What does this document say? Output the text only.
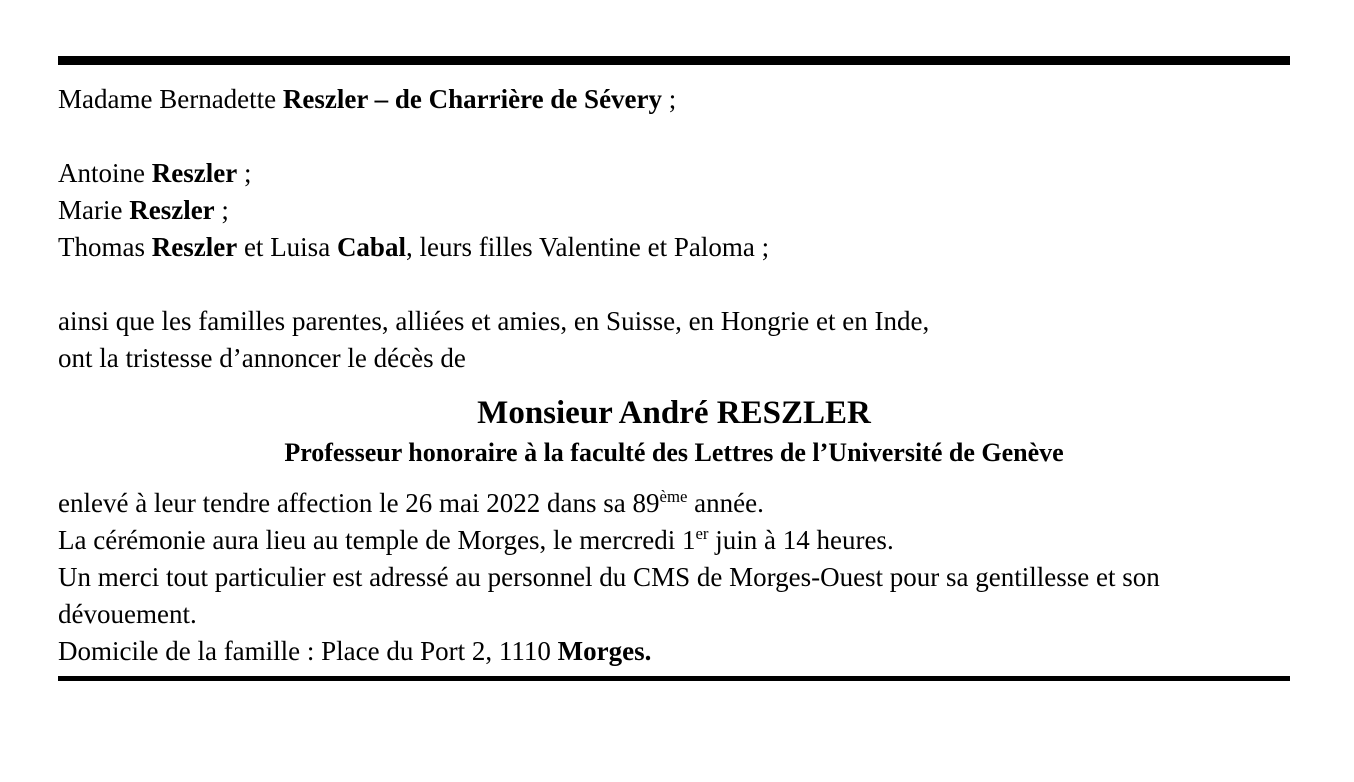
Madame Bernadette Reszler – de Charrière de Sévery ;
Antoine Reszler ;
Marie Reszler ;
Thomas Reszler et Luisa Cabal, leurs filles Valentine et Paloma ;
ainsi que les familles parentes, alliées et amies, en Suisse, en Hongrie et en Inde,
ont la tristesse d’annoncer le décès de
Monsieur André RESZLER
Professeur honoraire à la faculté des Lettres de l’Université de Genève
enlevé à leur tendre affection le 26 mai 2022 dans sa 89ème année.
La cérémonie aura lieu au temple de Morges, le mercredi 1er juin à 14 heures.
Un merci tout particulier est adressé au personnel du CMS de Morges-Ouest pour sa gentillesse et son dévouement.
Domicile de la famille : Place du Port 2, 1110 Morges.
